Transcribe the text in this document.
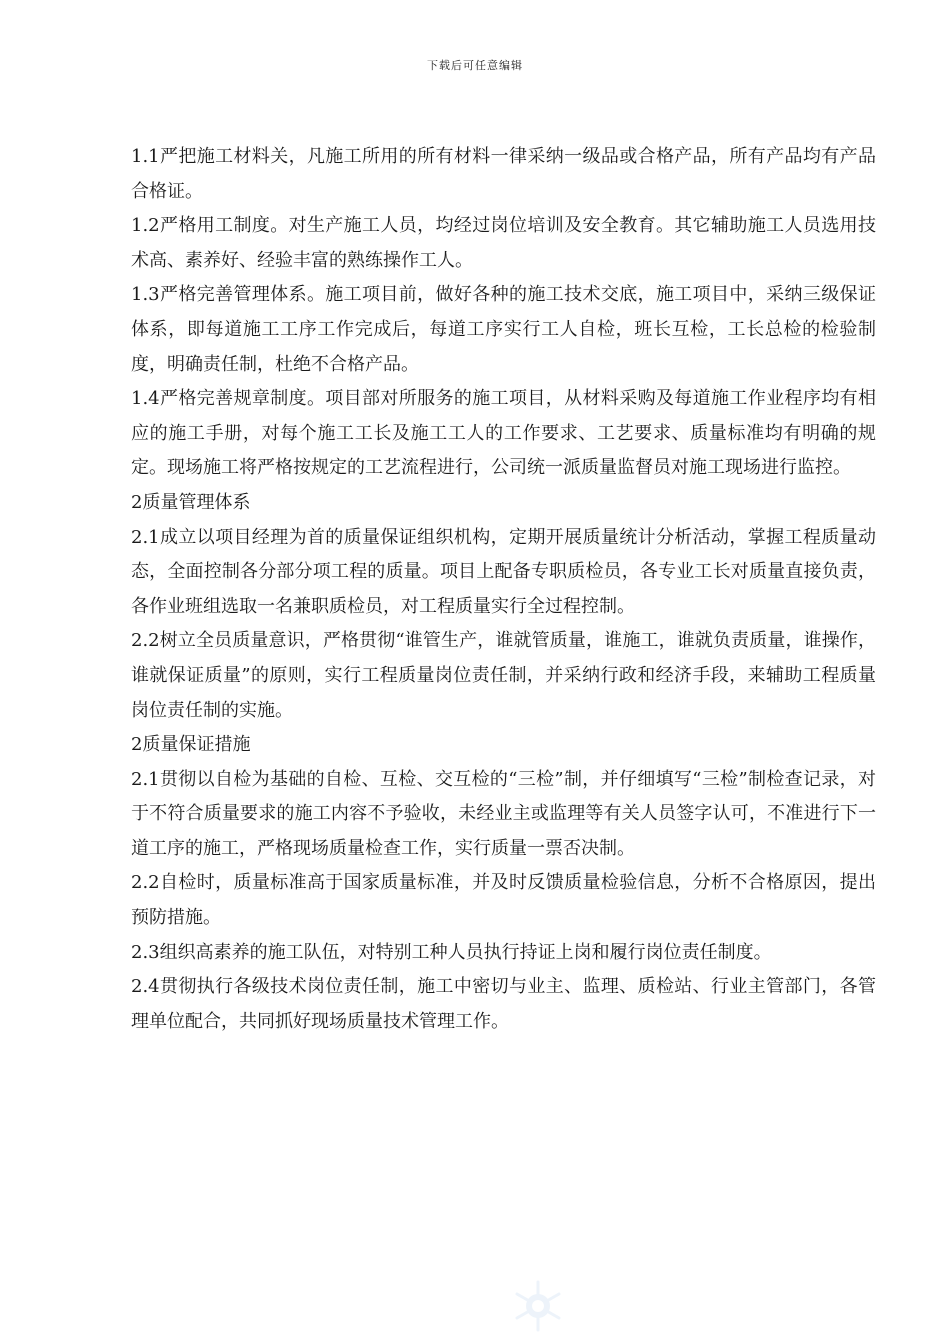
下载后可任意编辑

1.1严把施工材料关，凡施工所用的所有材料一律采纳一级品或合格产品，所有产品均有产品合格证。

1.2严格用工制度。对生产施工人员，均经过岗位培训及安全教育。其它辅助施工人员选用技术高、素养好、经验丰富的熟练操作工人。

1.3严格完善管理体系。施工项目前，做好各种的施工技术交底，施工项目中，采纳三级保证体系，即每道施工工序工作完成后，每道工序实行工人自检，班长互检，工长总检的检验制度，明确责任制，杜绝不合格产品。

1.4严格完善规章制度。项目部对所服务的施工项目，从材料采购及每道施工作业程序均有相应的施工手册，对每个施工工长及施工工人的工作要求、工艺要求、质量标准均有明确的规定。现场施工将严格按规定的工艺流程进行，公司统一派质量监督员对施工现场进行监控。

2质量管理体系

2.1成立以项目经理为首的质量保证组织机构，定期开展质量统计分析活动，掌握工程质量动态，全面控制各分部分项工程的质量。项目上配备专职质检员，各专业工长对质量直接负责，各作业班组选取一名兼职质检员，对工程质量实行全过程控制。

2.2树立全员质量意识，严格贯彻“谁管生产，谁就管质量，谁施工，谁就负责质量，谁操作，谁就保证质量”的原则，实行工程质量岗位责任制，并采纳行政和经济手段，来辅助工程质量岗位责任制的实施。

2质量保证措施

2.1贯彻以自检为基础的自检、互检、交互检的“三检”制，并仔细填写“三检”制检查记录，对于不符合质量要求的施工内容不予验收，未经业主或监理等有关人员签字认可，不准进行下一道工序的施工，严格现场质量检查工作，实行质量一票否决制。

2.2自检时，质量标准高于国家质量标准，并及时反馈质量检验信息，分析不合格原因，提出预防措施。

2.3组织高素养的施工队伍，对特别工种人员执行持证上岗和履行岗位责任制度。

2.4贯彻执行各级技术岗位责任制，施工中密切与业主、监理、质检站、行业主管部门，各管理单位配合，共同抓好现场质量技术管理工作。
